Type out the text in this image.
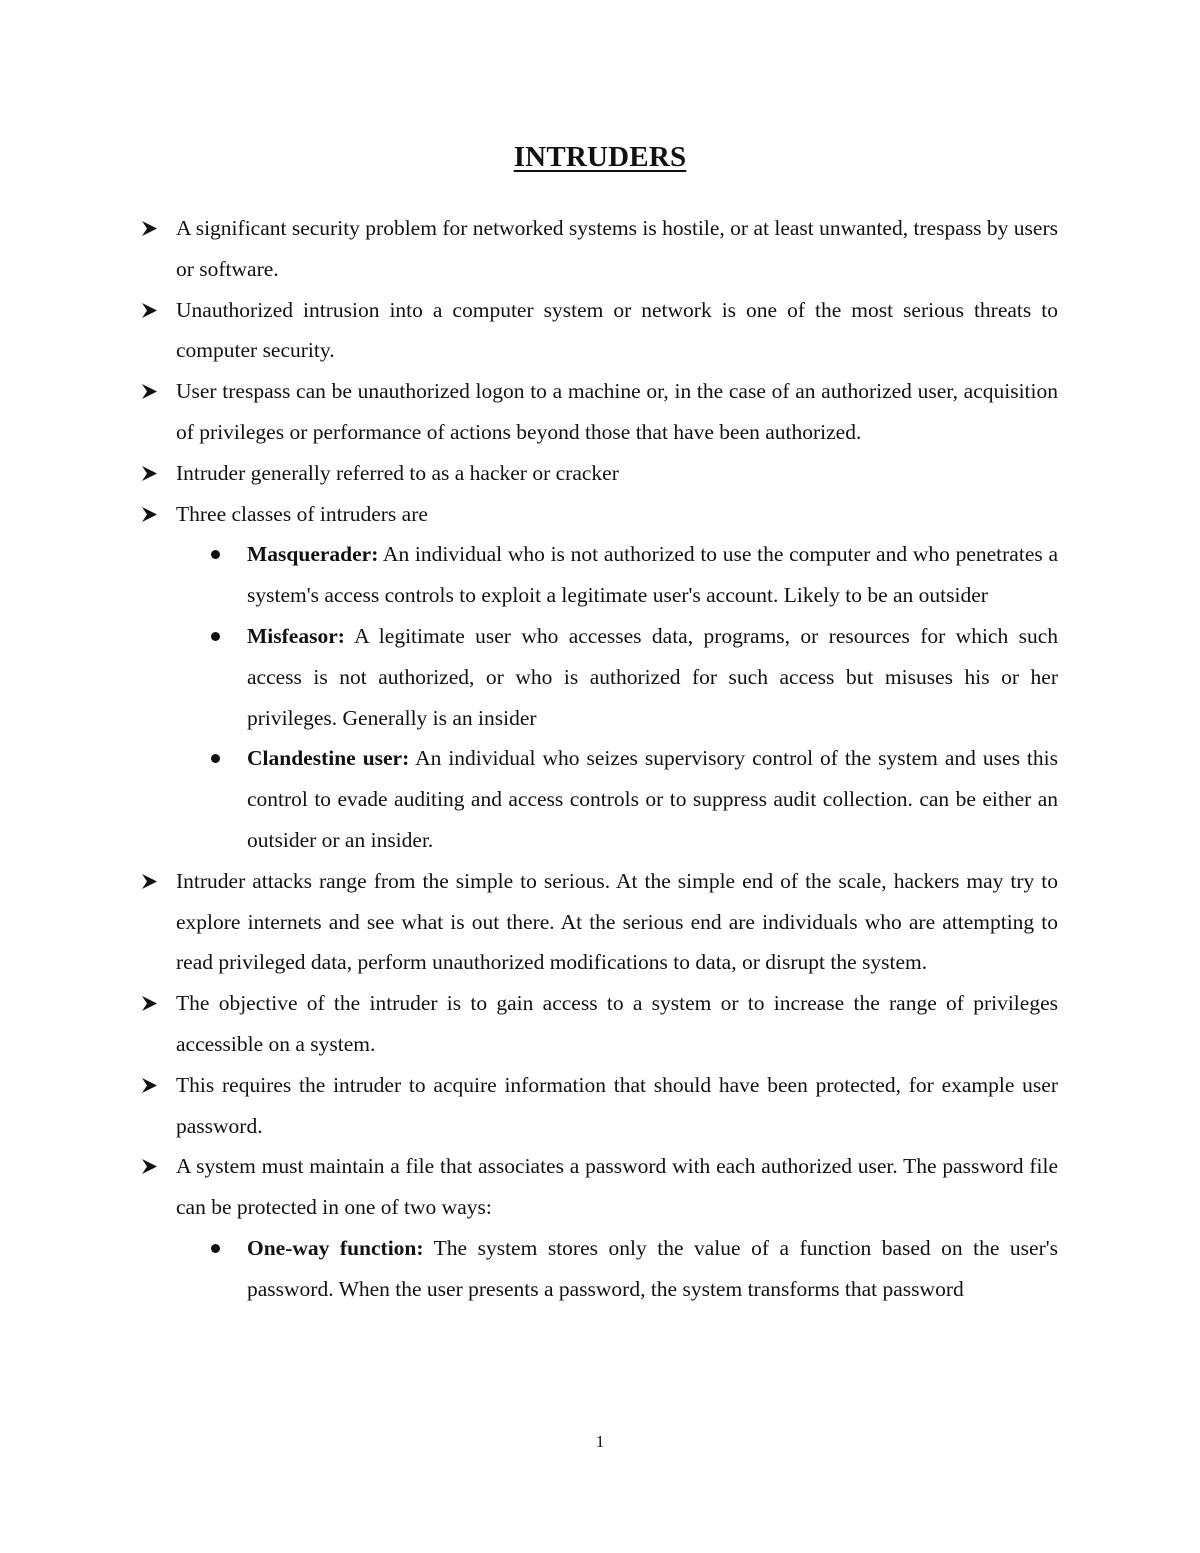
INTRUDERS
A significant security problem for networked systems is hostile, or at least unwanted, trespass by users or software.
Unauthorized intrusion into a computer system or network is one of the most serious threats to computer security.
User trespass can be unauthorized logon to a machine or, in the case of an authorized user, acquisition of privileges or performance of actions beyond those that have been authorized.
Intruder generally referred to as a hacker or cracker
Three classes of intruders are
Masquerader: An individual who is not authorized to use the computer and who penetrates a system's access controls to exploit a legitimate user's account. Likely to be an outsider
Misfeasor: A legitimate user who accesses data, programs, or resources for which such access is not authorized, or who is authorized for such access but misuses his or her privileges. Generally is an insider
Clandestine user: An individual who seizes supervisory control of the system and uses this control to evade auditing and access controls or to suppress audit collection. can be either an outsider or an insider.
Intruder attacks range from the simple to serious. At the simple end of the scale, hackers may try to explore internets and see what is out there. At the serious end are individuals who are attempting to read privileged data, perform unauthorized modifications to data, or disrupt the system.
The objective of the intruder is to gain access to a system or to increase the range of privileges accessible on a system.
This requires the intruder to acquire information that should have been protected, for example user password.
A system must maintain a file that associates a password with each authorized user. The password file can be protected in one of two ways:
One-way function: The system stores only the value of a function based on the user's password. When the user presents a password, the system transforms that password
1
